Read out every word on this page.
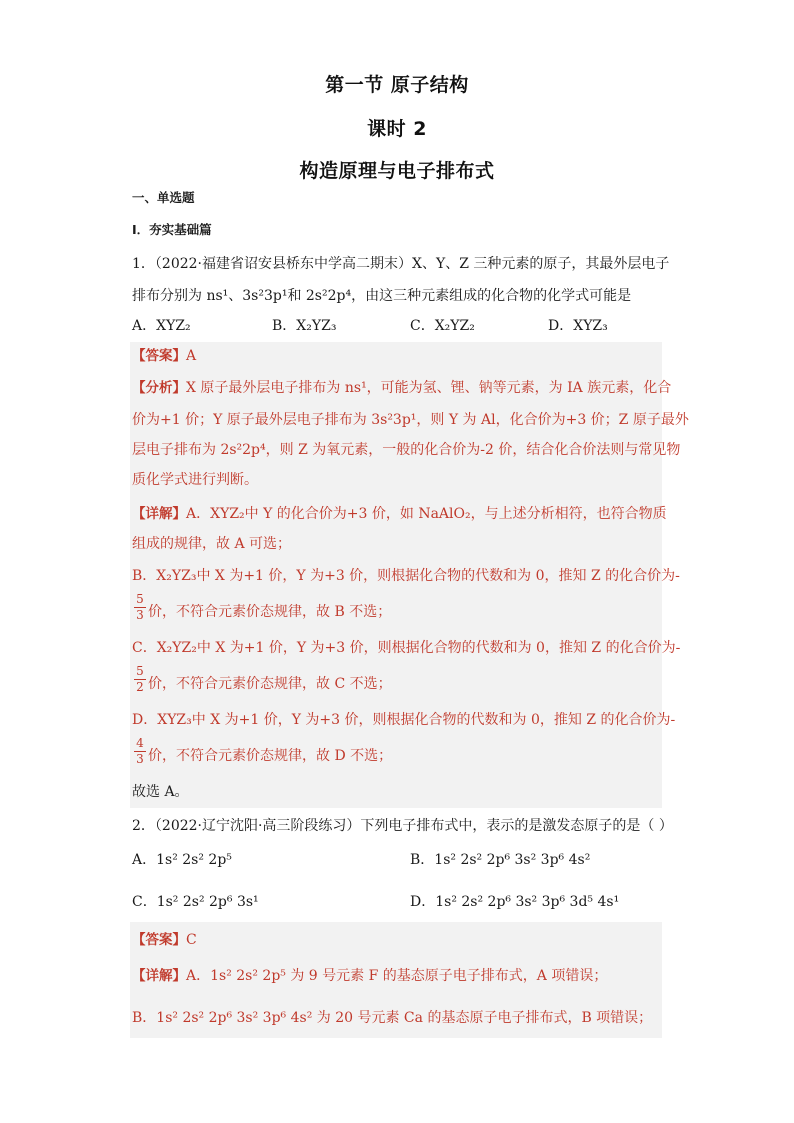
第一节 原子结构
课时 2
构造原理与电子排布式
一、单选题
Ⅰ．夯实基础篇
1．（2022·福建省诏安县桥东中学高二期末）X、Y、Z 三种元素的原子，其最外层电子
排布分别为 ns¹、3s²3p¹和 2s²2p⁴，由这三种元素组成的化合物的化学式可能是
A．XYZ₂	B．X₂YZ₃	C．X₂YZ₂	D．XYZ₃
【答案】A
【分析】X 原子最外层电子排布为 ns¹，可能为氢、锂、钠等元素，为 IA 族元素，化合
价为+1 价；Y 原子最外层电子排布为 3s²3p¹，则 Y 为 Al，化合价为+3 价；Z 原子最外
层电子排布为 2s²2p⁴，则 Z 为氧元素，一般的化合价为-2 价，结合化合价法则与常见物
质化学式进行判断。
【详解】A．XYZ₂中 Y 的化合价为+3 价，如 NaAlO₂，与上述分析相符，也符合物质
组成的规律，故 A 可选；
B．X₂YZ₃中 X 为+1 价，Y 为+3 价，则根据化合物的代数和为 0，推知 Z 的化合价为-
5
3 价，不符合元素价态规律，故 B 不选；
C．X₂YZ₂中 X 为+1 价，Y 为+3 价，则根据化合物的代数和为 0，推知 Z 的化合价为-
5
2 价，不符合元素价态规律，故 C 不选；
D．XYZ₃中 X 为+1 价，Y 为+3 价，则根据化合物的代数和为 0，推知 Z 的化合价为-
4
3 价，不符合元素价态规律，故 D 不选；
故选 A。
2．（2022·辽宁沈阳·高三阶段练习）下列电子排布式中，表示的是激发态原子的是（ ）
A．1s² 2s² 2p⁵	B．1s² 2s² 2p⁶ 3s² 3p⁶ 4s²
C．1s² 2s² 2p⁶ 3s¹	D．1s² 2s² 2p⁶ 3s² 3p⁶ 3d⁵ 4s¹
【答案】C
【详解】A．1s² 2s² 2p⁵ 为 9 号元素 F 的基态原子电子排布式，A 项错误；
B．1s² 2s² 2p⁶ 3s² 3p⁶ 4s² 为 20 号元素 Ca 的基态原子电子排布式，B 项错误；
